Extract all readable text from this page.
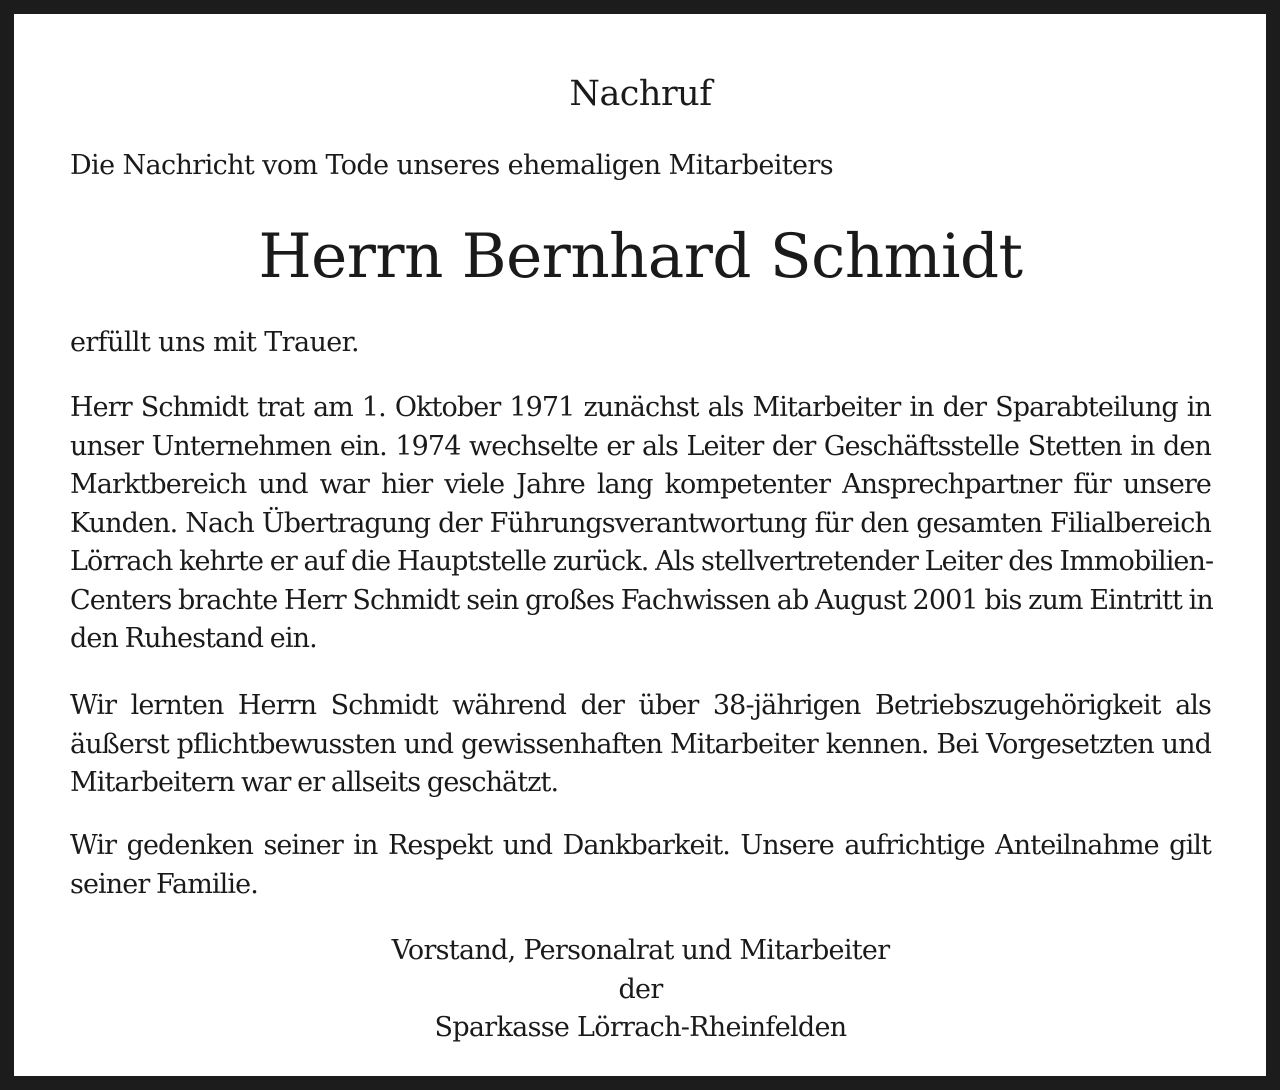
Nachruf
Die Nachricht vom Tode unseres ehemaligen Mitarbeiters
Herrn Bernhard Schmidt
erfüllt uns mit Trauer.
Herr Schmidt trat am 1. Oktober 1971 zunächst als Mitarbeiter in der Sparabteilung in
unser Unternehmen ein. 1974 wechselte er als Leiter der Geschäftsstelle Stetten in den
Marktbereich und war hier viele Jahre lang kompetenter Ansprechpartner für unsere
Kunden. Nach Übertragung der Führungsverantwortung für den gesamten Filialbereich
Lörrach kehrte er auf die Hauptstelle zurück. Als stellvertretender Leiter des Immobilien-
Centers brachte Herr Schmidt sein großes Fachwissen ab August 2001 bis zum Eintritt in
den Ruhestand ein.
Wir lernten Herrn Schmidt während der über 38-jährigen Betriebszugehörigkeit als
äußerst pflichtbewussten und gewissenhaften Mitarbeiter kennen. Bei Vorgesetzten und
Mitarbeitern war er allseits geschätzt.
Wir gedenken seiner in Respekt und Dankbarkeit. Unsere aufrichtige Anteilnahme gilt
seiner Familie.
Vorstand, Personalrat und Mitarbeiter
der
Sparkasse Lörrach-Rheinfelden
